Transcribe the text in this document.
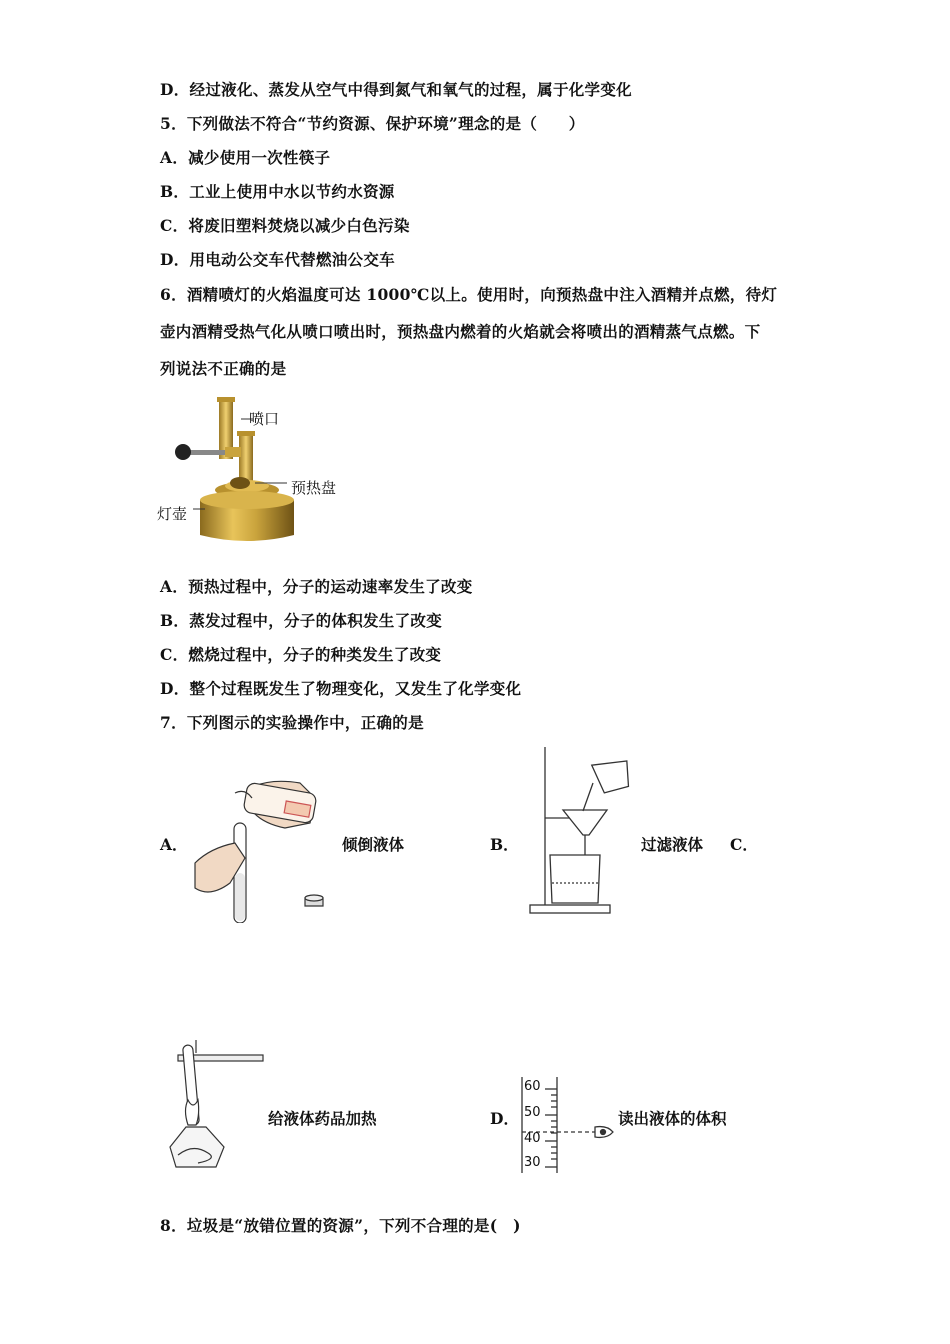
D．经过液化、蒸发从空气中得到氮气和氧气的过程，属于化学变化
5．下列做法不符合“节约资源、保护环境”理念的是（　　）
A．减少使用一次性筷子
B．工业上使用中水以节约水资源
C．将废旧塑料焚烧以减少白色污染
D．用电动公交车代替燃油公交车
6．酒精喷灯的火焰温度可达 1000℃以上。使用时，向预热盘中注入酒精并点燃，待灯
壶内酒精受热气化从喷口喷出时，预热盘内燃着的火焰就会将喷出的酒精蒸气点燃。下
列说法不正确的是
喷口
预热盘
灯壶
A．预热过程中，分子的运动速率发生了改变
B．蒸发过程中，分子的体积发生了改变
C．燃烧过程中，分子的种类发生了改变
D．整个过程既发生了物理变化，又发生了化学变化
7．下列图示的实验操作中，正确的是
A．	倾倒液体	B．	过滤液体 C．
给液体药品加热	D．
60
50
40
30
读出液体的体积
8．垃圾是“放错位置的资源”，下列不合理的是(　)
